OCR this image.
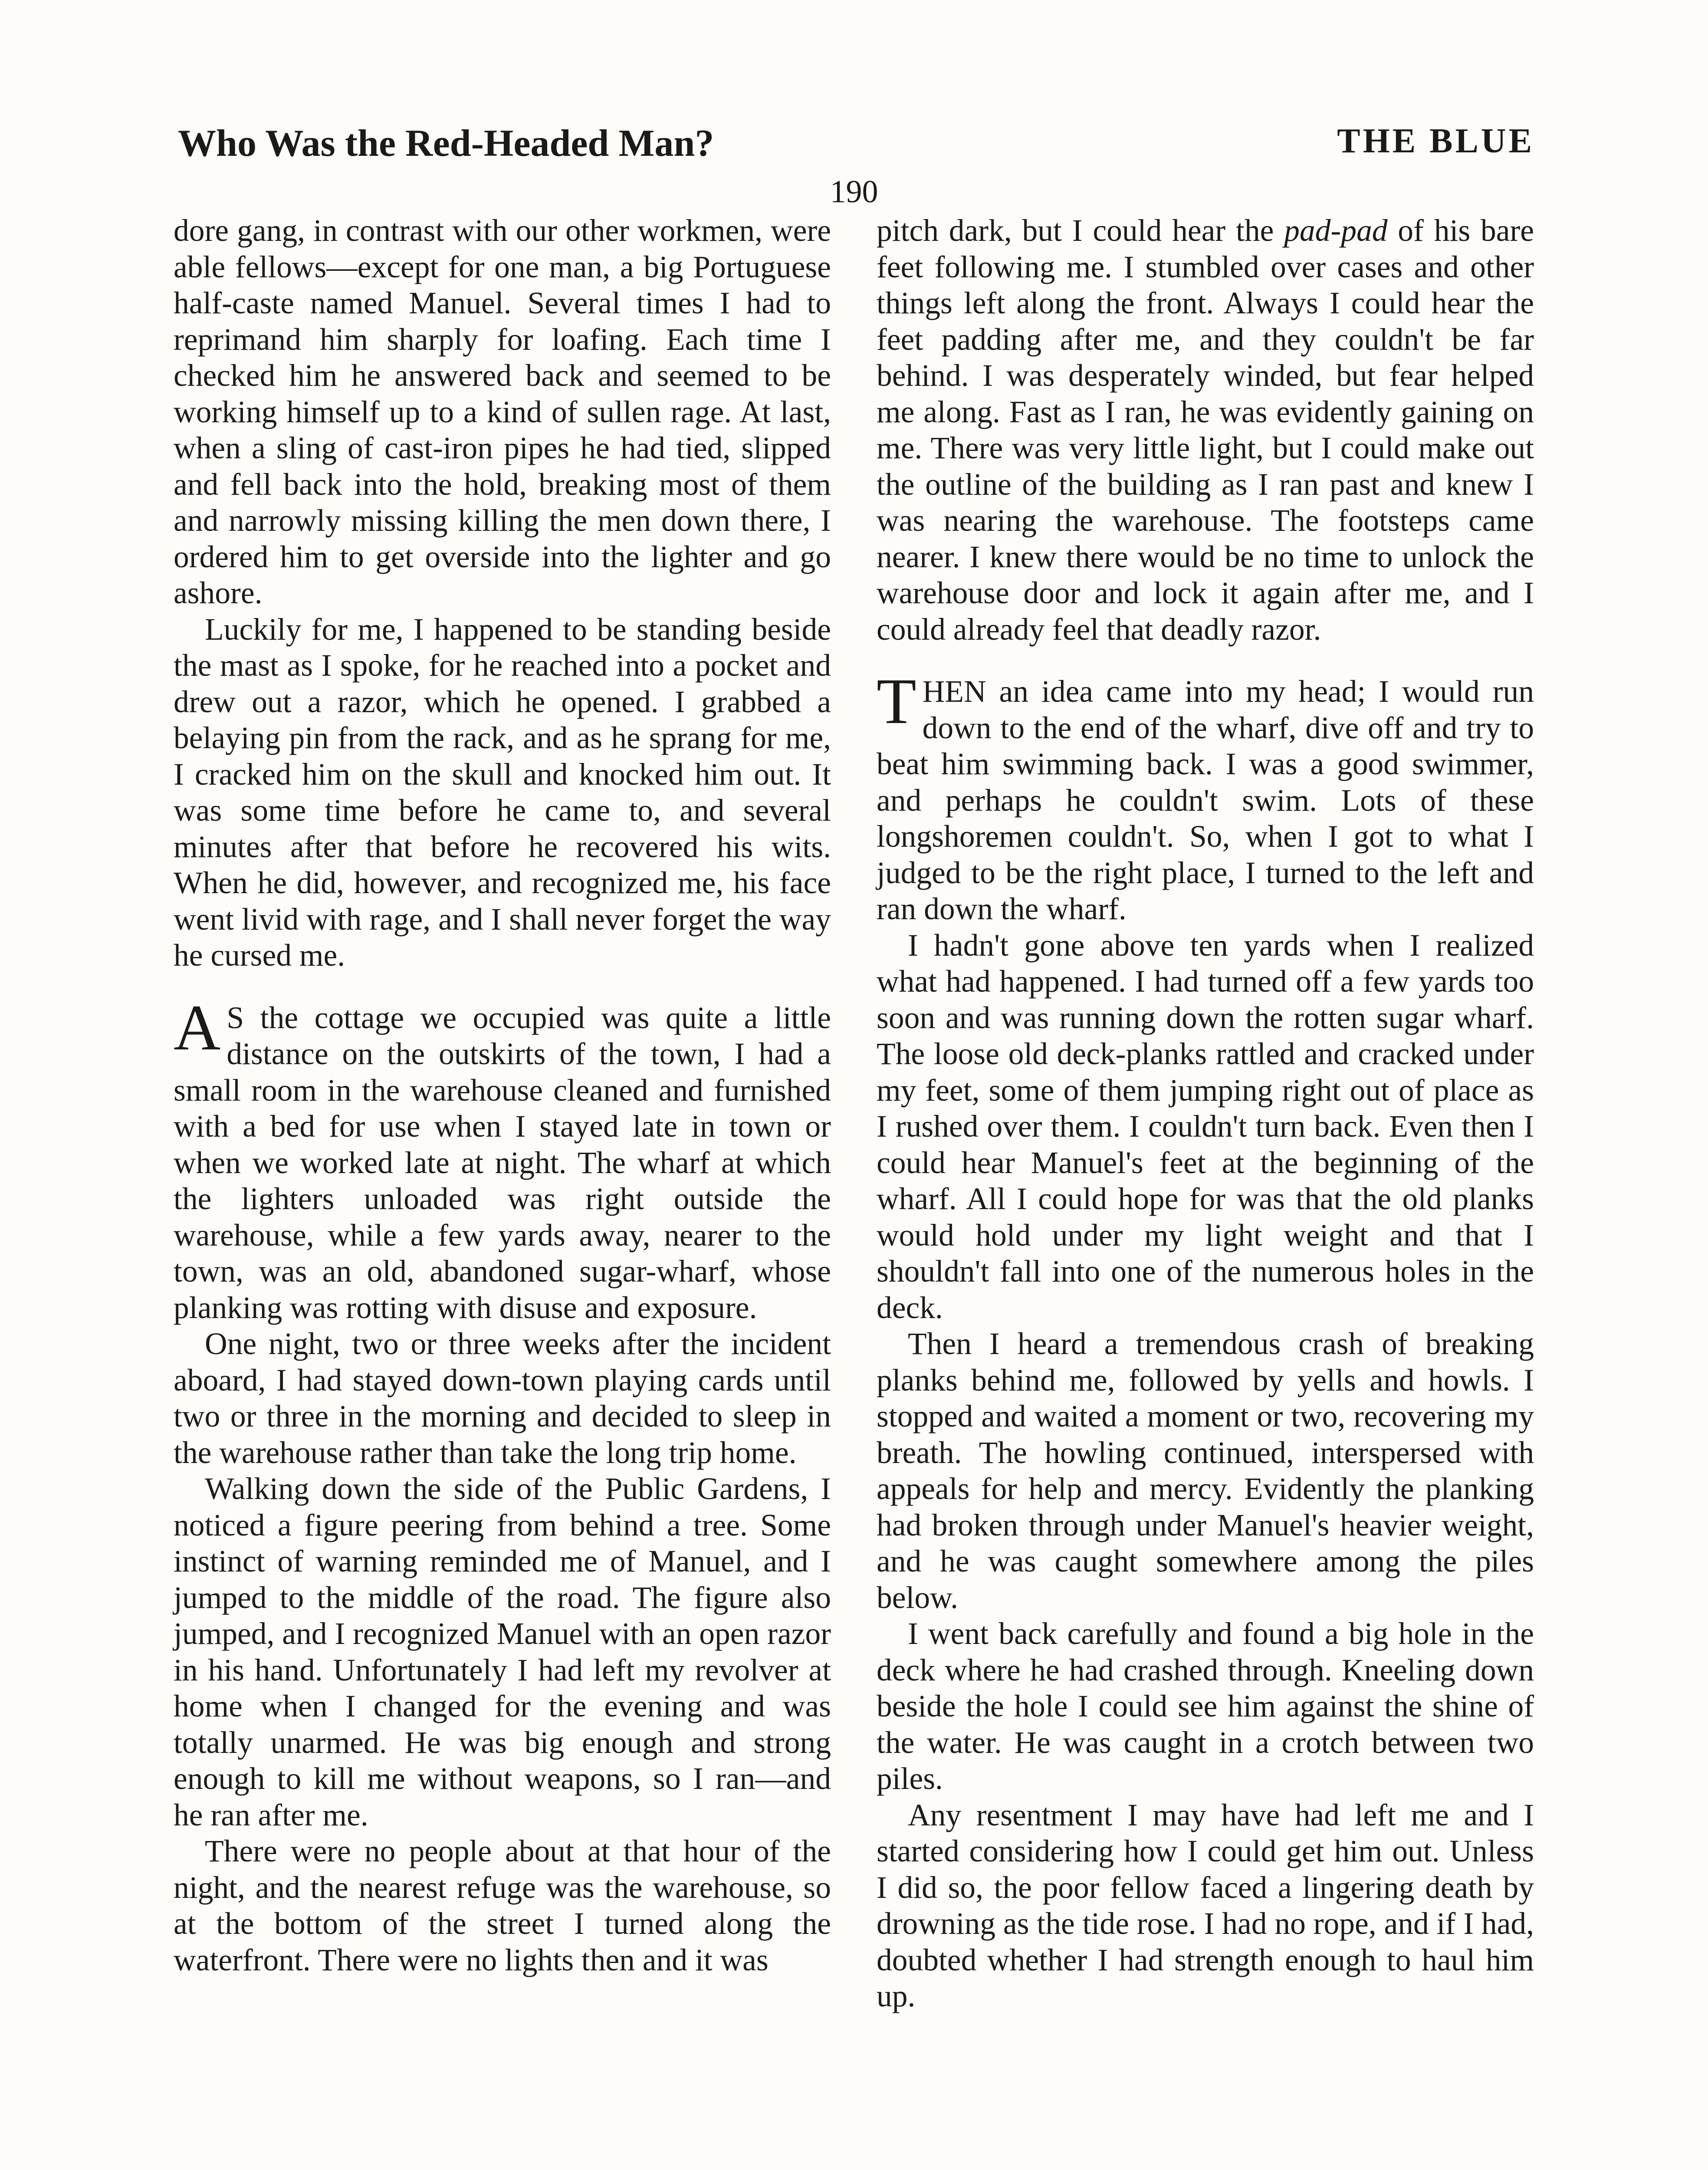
Who Was the Red-Headed Man?	THE BLUE
190

dore gang, in contrast with our other workmen, were able fellows—except for one man, a big Portuguese half-caste named Manuel. Several times I had to reprimand him sharply for loafing. Each time I checked him he answered back and seemed to be working himself up to a kind of sullen rage. At last, when a sling of cast-iron pipes he had tied, slipped and fell back into the hold, breaking most of them and narrowly missing killing the men down there, I ordered him to get overside into the lighter and go ashore.

Luckily for me, I happened to be standing beside the mast as I spoke, for he reached into a pocket and drew out a razor, which he opened. I grabbed a belaying pin from the rack, and as he sprang for me, I cracked him on the skull and knocked him out. It was some time before he came to, and several minutes after that before he recovered his wits. When he did, however, and recognized me, his face went livid with rage, and I shall never forget the way he cursed me.

A S the cottage we occupied was quite a little distance on the outskirts of the town, I had a small room in the warehouse cleaned and furnished with a bed for use when I stayed late in town or when we worked late at night. The wharf at which the lighters unloaded was right outside the warehouse, while a few yards away, nearer to the town, was an old, abandoned sugar-wharf, whose planking was rotting with disuse and exposure.

One night, two or three weeks after the incident aboard, I had stayed down-town playing cards until two or three in the morning and decided to sleep in the warehouse rather than take the long trip home.

Walking down the side of the Public Gardens, I noticed a figure peering from behind a tree. Some instinct of warning reminded me of Manuel, and I jumped to the middle of the road. The figure also jumped, and I recognized Manuel with an open razor in his hand. Unfortunately I had left my revolver at home when I changed for the evening and was totally unarmed. He was big enough and strong enough to kill me without weapons, so I ran—and he ran after me.

There were no people about at that hour of the night, and the nearest refuge was the warehouse, so at the bottom of the street I turned along the waterfront. There were no lights then and it was

pitch dark, but I could hear the pad-pad of his bare feet following me. I stumbled over cases and other things left along the front. Always I could hear the feet padding after me, and they couldn't be far behind. I was desperately winded, but fear helped me along. Fast as I ran, he was evidently gaining on me. There was very little light, but I could make out the outline of the building as I ran past and knew I was nearing the warehouse. The footsteps came nearer. I knew there would be no time to unlock the warehouse door and lock it again after me, and I could already feel that deadly razor.

THEN an idea came into my head; I would run down to the end of the wharf, dive off and try to beat him swimming back. I was a good swimmer, and perhaps he couldn't swim. Lots of these longshoremen couldn't. So, when I got to what I judged to be the right place, I turned to the left and ran down the wharf.

I hadn't gone above ten yards when I realized what had happened. I had turned off a few yards too soon and was running down the rotten sugar wharf. The loose old deck-planks rattled and cracked under my feet, some of them jumping right out of place as I rushed over them. I couldn't turn back. Even then I could hear Manuel's feet at the beginning of the wharf. All I could hope for was that the old planks would hold under my light weight and that I shouldn't fall into one of the numerous holes in the deck.

Then I heard a tremendous crash of breaking planks behind me, followed by yells and howls. I stopped and waited a moment or two, recovering my breath. The howling continued, interspersed with appeals for help and mercy. Evidently the planking had broken through under Manuel's heavier weight, and he was caught somewhere among the piles below.

I went back carefully and found a big hole in the deck where he had crashed through. Kneeling down beside the hole I could see him against the shine of the water. He was caught in a crotch between two piles.

Any resentment I may have had left me and I started considering how I could get him out. Unless I did so, the poor fellow faced a lingering death by drowning as the tide rose. I had no rope, and if I had, doubted whether I had strength enough to haul him up.
